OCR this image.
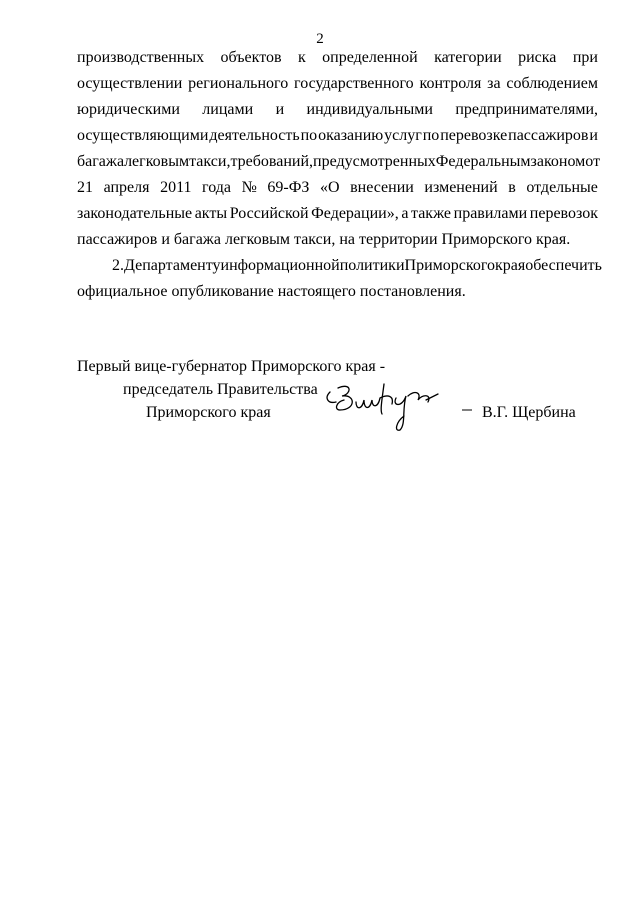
2
производственных объектов к определенной категории риска при
осуществлении регионального государственного контроля за соблюдением
юридическими лицами и индивидуальными предпринимателями,
осуществляющими деятельность по оказанию услуг по перевозке пассажиров и
багажа легковым такси, требований, предусмотренных Федеральным законом от
21 апреля 2011 года № 69-ФЗ «О внесении изменений в отдельные
законодательные акты Российской Федерации», а также правилами перевозок
пассажиров и багажа легковым такси, на территории Приморского края.
2. Департаменту информационной политики Приморского края обеспечить
официальное опубликование настоящего постановления.
Первый вице-губернатор Приморского края -
председатель Правительства
Приморского края	В.Г. Щербина
